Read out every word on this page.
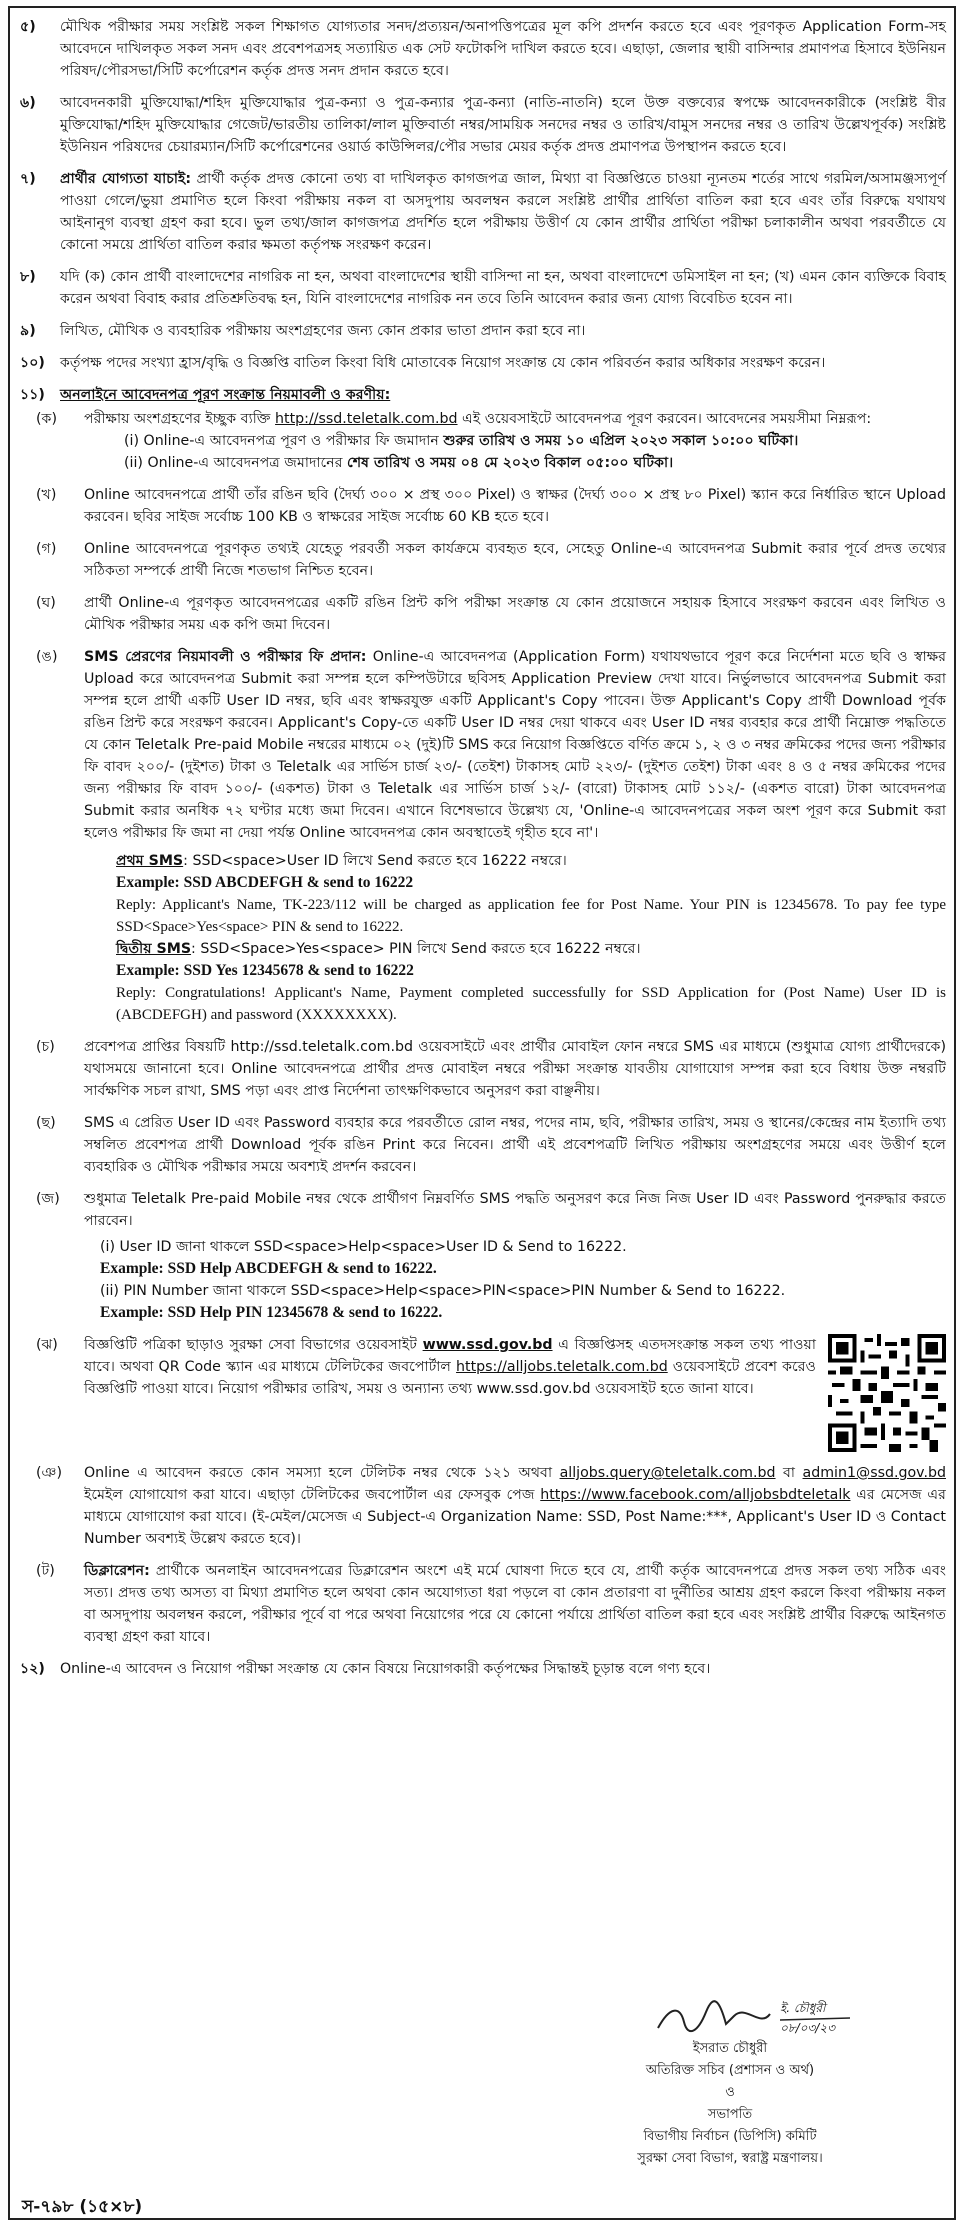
৫)	মৌখিক পরীক্ষার সময় সংশ্লিষ্ট সকল শিক্ষাগত যোগ্যতার সনদ/প্রত্যয়ন/অনাপত্তিপত্রের মূল কপি প্রদর্শন করতে হবে এবং পূরণকৃত Application Form-সহ আবেদনে দাখিলকৃত সকল সনদ এবং প্রবেশপত্রসহ সত্যায়িত এক সেট ফটোকপি দাখিল করতে হবে। এছাড়া, জেলার স্থায়ী বাসিন্দার প্রমাণপত্র হিসাবে ইউনিয়ন পরিষদ/পৌরসভা/সিটি কর্পোরেশন কর্তৃক প্রদত্ত সনদ প্রদান করতে হবে।
৬)	আবেদনকারী মুক্তিযোদ্ধা/শহিদ মুক্তিযোদ্ধার পুত্র-কন্যা ও পুত্র-কন্যার পুত্র-কন্যা (নাতি-নাতনি) হলে উক্ত বক্তব্যের স্বপক্ষে আবেদনকারীকে (সংশ্লিষ্ট বীর মুক্তিযোদ্ধা/শহিদ মুক্তিযোদ্ধার গেজেট/ভারতীয় তালিকা/লাল মুক্তিবার্তা নম্বর/সাময়িক সনদের নম্বর ও তারিখ/বামুস সনদের নম্বর ও তারিখ উল্লেখপূর্বক) সংশ্লিষ্ট ইউনিয়ন পরিষদের চেয়ারম্যান/সিটি কর্পোরেশনের ওয়ার্ড কাউন্সিলর/পৌর সভার মেয়র কর্তৃক প্রদত্ত প্রমাণপত্র উপস্থাপন করতে হবে।
৭)	প্রার্থীর যোগ্যতা যাচাই: প্রার্থী কর্তৃক প্রদত্ত কোনো তথ্য বা দাখিলকৃত কাগজপত্র জাল, মিথ্যা বা বিজ্ঞপ্তিতে চাওয়া ন্যূনতম শর্তের সাথে গরমিল/অসামঞ্জস্যপূর্ণ পাওয়া গেলে/ভুয়া প্রমাণিত হলে কিংবা পরীক্ষায় নকল বা অসদুপায় অবলম্বন করলে সংশ্লিষ্ট প্রার্থীর প্রার্থিতা বাতিল করা হবে এবং তাঁর বিরুদ্ধে যথাযথ আইনানুগ ব্যবস্থা গ্রহণ করা হবে। ভুল তথ্য/জাল কাগজপত্র প্রদর্শিত হলে পরীক্ষায় উত্তীর্ণ যে কোন প্রার্থীর প্রার্থিতা পরীক্ষা চলাকালীন অথবা পরবর্তীতে যে কোনো সময়ে প্রার্থিতা বাতিল করার ক্ষমতা কর্তৃপক্ষ সংরক্ষণ করেন।
৮)	যদি (ক) কোন প্রার্থী বাংলাদেশের নাগরিক না হন, অথবা বাংলাদেশের স্থায়ী বাসিন্দা না হন, অথবা বাংলাদেশে ডমিসাইল না হন; (খ) এমন কোন ব্যক্তিকে বিবাহ করেন অথবা বিবাহ করার প্রতিশ্রুতিবদ্ধ হন, যিনি বাংলাদেশের নাগরিক নন তবে তিনি আবেদন করার জন্য যোগ্য বিবেচিত হবেন না।
৯)	লিখিত, মৌখিক ও ব্যবহারিক পরীক্ষায় অংশগ্রহণের জন্য কোন প্রকার ভাতা প্রদান করা হবে না।
১০)	কর্তৃপক্ষ পদের সংখ্যা হ্রাস/বৃদ্ধি ও বিজ্ঞপ্তি বাতিল কিংবা বিধি মোতাবেক নিয়োগ সংক্রান্ত যে কোন পরিবর্তন করার অধিকার সংরক্ষণ করেন।
১১)	অনলাইনে আবেদনপত্র পূরণ সংক্রান্ত নিয়মাবলী ও করণীয়:
(ক)	পরীক্ষায় অংশগ্রহণের ইচ্ছুক ব্যক্তি http://ssd.teletalk.com.bd এই ওয়েবসাইটে আবেদনপত্র পূরণ করবেন। আবেদনের সময়সীমা নিম্নরূপ:
(i) Online-এ আবেদনপত্র পূরণ ও পরীক্ষার ফি জমাদান শুরুর তারিখ ও সময় ১০ এপ্রিল ২০২৩ সকাল ১০:০০ ঘটিকা।
(ii) Online-এ আবেদনপত্র জমাদানের শেষ তারিখ ও সময় ০৪ মে ২০২৩ বিকাল ০৫:০০ ঘটিকা।
(খ)	Online আবেদনপত্রে প্রার্থী তাঁর রঙিন ছবি (দৈর্ঘ্য ৩০০ × প্রস্থ ৩০০ Pixel) ও স্বাক্ষর (দৈর্ঘ্য ৩০০ × প্রস্থ ৮০ Pixel) স্ক্যান করে নির্ধারিত স্থানে Upload করবেন। ছবির সাইজ সর্বোচ্চ 100 KB ও স্বাক্ষরের সাইজ সর্বোচ্চ 60 KB হতে হবে।
(গ)	Online আবেদনপত্রে পূরণকৃত তথ্যই যেহেতু পরবর্তী সকল কার্যক্রমে ব্যবহৃত হবে, সেহেতু Online-এ আবেদনপত্র Submit করার পূর্বে প্রদত্ত তথ্যের সঠিকতা সম্পর্কে প্রার্থী নিজে শতভাগ নিশ্চিত হবেন।
(ঘ)	প্রার্থী Online-এ পূরণকৃত আবেদনপত্রের একটি রঙিন প্রিন্ট কপি পরীক্ষা সংক্রান্ত যে কোন প্রয়োজনে সহায়ক হিসাবে সংরক্ষণ করবেন এবং লিখিত ও মৌখিক পরীক্ষার সময় এক কপি জমা দিবেন।
(ঙ)	SMS প্রেরণের নিয়মাবলী ও পরীক্ষার ফি প্রদান: Online-এ আবেদনপত্র (Application Form) যথাযথভাবে পূরণ করে নির্দেশনা মতে ছবি ও স্বাক্ষর Upload করে আবেদনপত্র Submit করা সম্পন্ন হলে কম্পিউটারে ছবিসহ Application Preview দেখা যাবে। নির্ভুলভাবে আবেদনপত্র Submit করা সম্পন্ন হলে প্রার্থী একটি User ID নম্বর, ছবি এবং স্বাক্ষরযুক্ত একটি Applicant's Copy পাবেন। উক্ত Applicant's Copy প্রার্থী Download পূর্বক রঙিন প্রিন্ট করে সংরক্ষণ করবেন। Applicant's Copy-তে একটি User ID নম্বর দেয়া থাকবে এবং User ID নম্বর ব্যবহার করে প্রার্থী নিম্নোক্ত পদ্ধতিতে যে কোন Teletalk Pre-paid Mobile নম্বরের মাধ্যমে ০২ (দুই)টি SMS করে নিয়োগ বিজ্ঞপ্তিতে বর্ণিত ক্রমে ১, ২ ও ৩ নম্বর ক্রমিকের পদের জন্য পরীক্ষার ফি বাবদ ২০০/- (দুইশত) টাকা ও Teletalk এর সার্ভিস চার্জ ২৩/- (তেইশ) টাকাসহ মোট ২২৩/- (দুইশত তেইশ) টাকা এবং ৪ ও ৫ নম্বর ক্রমিকের পদের জন্য পরীক্ষার ফি বাবদ ১০০/- (একশত) টাকা ও Teletalk এর সার্ভিস চার্জ ১২/- (বারো) টাকাসহ মোট ১১২/- (একশত বারো) টাকা আবেদনপত্র Submit করার অনধিক ৭২ ঘণ্টার মধ্যে জমা দিবেন। এখানে বিশেষভাবে উল্লেখ্য যে, 'Online-এ আবেদনপত্রের সকল অংশ পূরণ করে Submit করা হলেও পরীক্ষার ফি জমা না দেয়া পর্যন্ত Online আবেদনপত্র কোন অবস্থাতেই গৃহীত হবে না'।
প্রথম SMS: SSD<space>User ID লিখে Send করতে হবে 16222 নম্বরে।
Example: SSD ABCDEFGH & send to 16222
Reply: Applicant's Name, TK-223/112 will be charged as application fee for Post Name. Your PIN is 12345678. To pay fee type SSD<Space>Yes<space> PIN & send to 16222.
দ্বিতীয় SMS: SSD<Space>Yes<space> PIN লিখে Send করতে হবে 16222 নম্বরে।
Example: SSD Yes 12345678 & send to 16222
Reply: Congratulations! Applicant's Name, Payment completed successfully for SSD Application for (Post Name) User ID is (ABCDEFGH) and password (XXXXXXXX).
(চ)	প্রবেশপত্র প্রাপ্তির বিষয়টি http://ssd.teletalk.com.bd ওয়েবসাইটে এবং প্রার্থীর মোবাইল ফোন নম্বরে SMS এর মাধ্যমে (শুধুমাত্র যোগ্য প্রার্থীদেরকে) যথাসময়ে জানানো হবে। Online আবেদনপত্রে প্রার্থীর প্রদত্ত মোবাইল নম্বরে পরীক্ষা সংক্রান্ত যাবতীয় যোগাযোগ সম্পন্ন করা হবে বিধায় উক্ত নম্বরটি সার্বক্ষণিক সচল রাখা, SMS পড়া এবং প্রাপ্ত নির্দেশনা তাৎক্ষণিকভাবে অনুসরণ করা বাঞ্ছনীয়।
(ছ)	SMS এ প্রেরিত User ID এবং Password ব্যবহার করে পরবর্তীতে রোল নম্বর, পদের নাম, ছবি, পরীক্ষার তারিখ, সময় ও স্থানের/কেন্দ্রের নাম ইত্যাদি তথ্য সম্বলিত প্রবেশপত্র প্রার্থী Download পূর্বক রঙিন Print করে নিবেন। প্রার্থী এই প্রবেশপত্রটি লিখিত পরীক্ষায় অংশগ্রহণের সময়ে এবং উত্তীর্ণ হলে ব্যবহারিক ও মৌখিক পরীক্ষার সময়ে অবশ্যই প্রদর্শন করবেন।
(জ)	শুধুমাত্র Teletalk Pre-paid Mobile নম্বর থেকে প্রার্থীগণ নিম্নবর্ণিত SMS পদ্ধতি অনুসরণ করে নিজ নিজ User ID এবং Password পুনরুদ্ধার করতে পারবেন।
(i) User ID জানা থাকলে SSD<space>Help<space>User ID & Send to 16222.
Example: SSD Help ABCDEFGH & send to 16222.
(ii) PIN Number জানা থাকলে SSD<space>Help<space>PIN<space>PIN Number & Send to 16222.
Example: SSD Help PIN 12345678 & send to 16222.
(ঝ)	বিজ্ঞপ্তিটি পত্রিকা ছাড়াও সুরক্ষা সেবা বিভাগের ওয়েবসাইট www.ssd.gov.bd এ বিজ্ঞপ্তিসহ এতদসংক্রান্ত সকল তথ্য পাওয়া যাবে। অথবা QR Code স্ক্যান এর মাধ্যমে টেলিটকের জবপোর্টাল https://alljobs.teletalk.com.bd ওয়েবসাইটে প্রবেশ করেও বিজ্ঞপ্তিটি পাওয়া যাবে। নিয়োগ পরীক্ষার তারিখ, সময় ও অন্যান্য তথ্য www.ssd.gov.bd ওয়েবসাইট হতে জানা যাবে।
(ঞ)	Online এ আবেদন করতে কোন সমস্যা হলে টেলিটক নম্বর থেকে ১২১ অথবা alljobs.query@teletalk.com.bd বা admin1@ssd.gov.bd ইমেইল যোগাযোগ করা যাবে। এছাড়া টেলিটকের জবপোর্টাল এর ফেসবুক পেজ https://www.facebook.com/alljobsbdteletalk এর মেসেজ এর মাধ্যমে যোগাযোগ করা যাবে। (ই-মেইল/মেসেজ এ Subject-এ Organization Name: SSD, Post Name:***, Applicant's User ID ও Contact Number অবশ্যই উল্লেখ করতে হবে)।
(ট)	ডিক্লারেশন: প্রার্থীকে অনলাইন আবেদনপত্রের ডিক্লারেশন অংশে এই মর্মে ঘোষণা দিতে হবে যে, প্রার্থী কর্তৃক আবেদনপত্রে প্রদত্ত সকল তথ্য সঠিক এবং সত্য। প্রদত্ত তথ্য অসত্য বা মিথ্যা প্রমাণিত হলে অথবা কোন অযোগ্যতা ধরা পড়লে বা কোন প্রতারণা বা দুর্নীতির আশ্রয় গ্রহণ করলে কিংবা পরীক্ষায় নকল বা অসদুপায় অবলম্বন করলে, পরীক্ষার পূর্বে বা পরে অথবা নিয়োগের পরে যে কোনো পর্যায়ে প্রার্থিতা বাতিল করা হবে এবং সংশ্লিষ্ট প্রার্থীর বিরুদ্ধে আইনগত ব্যবস্থা গ্রহণ করা যাবে।
১২)	Online-এ আবেদন ও নিয়োগ পরীক্ষা সংক্রান্ত যে কোন বিষয়ে নিয়োগকারী কর্তৃপক্ষের সিদ্ধান্তই চূড়ান্ত বলে গণ্য হবে।
ই. চৌধুরী ০৮/০৩/২৩
ইসরাত চৌধুরী
অতিরিক্ত সচিব (প্রশাসন ও অর্থ)
ও
সভাপতি
বিভাগীয় নির্বাচন (ডিপিসি) কমিটি
সুরক্ষা সেবা বিভাগ, স্বরাষ্ট্র মন্ত্রণালয়।
স-৭৯৮ (১৫×৮)
